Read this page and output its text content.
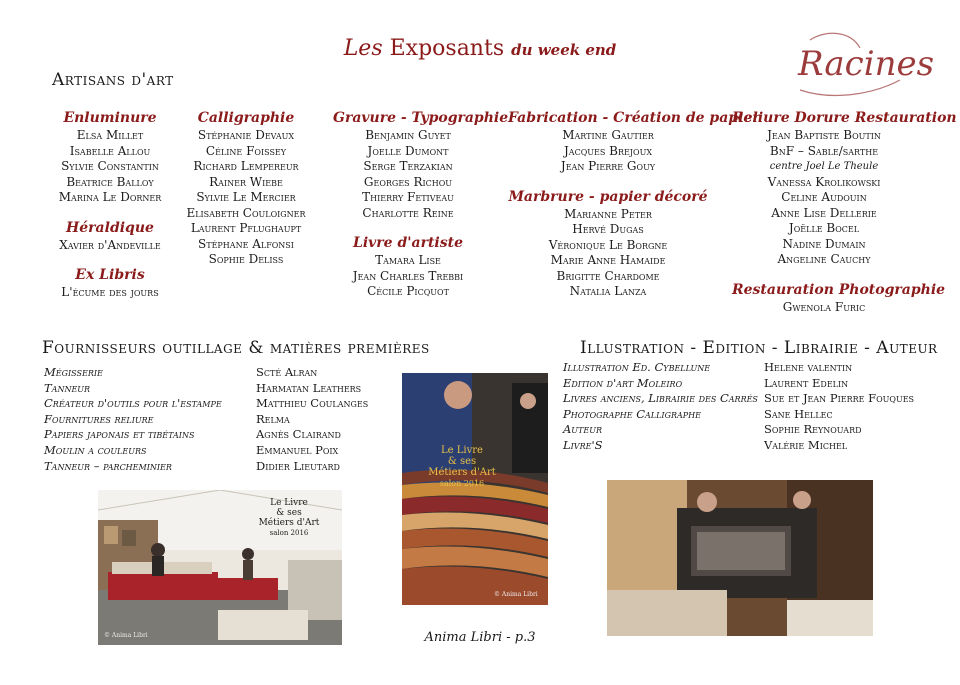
Les Exposants du week end	Racines
Artisans d'art
Enluminure
Elsa Millet
Isabelle Allou
Sylvie Constantin
Beatrice Balloy
Marina Le Dorner
Héraldique
Xavier d'Andeville
Ex Libris
L'écume des jours
Calligraphie
Stéphanie Devaux
Céline Foissey
Richard Lempereur
Rainer Wiebe
Sylvie Le Mercier
Elisabeth Couloigner
Laurent Pflughaupt
Stéphane Alfonsi
Sophie Deliss
Gravure - Typographie
Benjamin Guyet
Joelle Dumont
Serge Terzakian
Georges Richou
Thierry Fetiveau
Charlotte Reine
Livre d'artiste
Tamara Lise
Jean Charles Trebbi
Cécile Picquot
Fabrication - Création de papier
Martine Gautier
Jacques Brejoux
Jean Pierre Gouy
Marbrure - papier décoré
Marianne Peter
Hervé Dugas
Véronique Le Borgne
Marie Anne Hamaide
Brigitte Chardome
Natalia Lanza
Reliure Dorure Restauration
Jean Baptiste Boutin
BnF – Sable/sarthe
centre Joel Le Theule
Vanessa Krolikowski
Celine Audouin
Anne Lise Dellerie
Joëlle Bocel
Nadine Dumain
Angeline Cauchy
Restauration Photographie
Gwenola Furic
Fournisseurs outillage & matières premières
Mégisserie
Tanneur
Créateur d'outils pour l'estampe
Fournitures reliure
Papiers japonais et tibétains
Moulin a couleurs
Tanneur – parcheminier
Scté Alran
Harmatan Leathers
Matthieu Coulanges
Relma
Agnès Clairand
Emmanuel Poix
Didier Lieutard
Illustration - Edition - Librairie - Auteur
Illustration Ed. Cybellune
Edition d'art Moleiro
Livres anciens, Librairie des Carrés
Photographe Calligraphe
Auteur
Livre'S
Helene valentin
Laurent Edelin
Sue et Jean Pierre Fouques
Sane Hellec
Sophie Reynouard
Valérie Michel
Le Livre
& ses
Métiers d'Art
salon 2016
© Anima Libri
Le Livre
& ses
Métiers d'Art
salon 2016
© Anima Libri
Anima Libri - p.3
